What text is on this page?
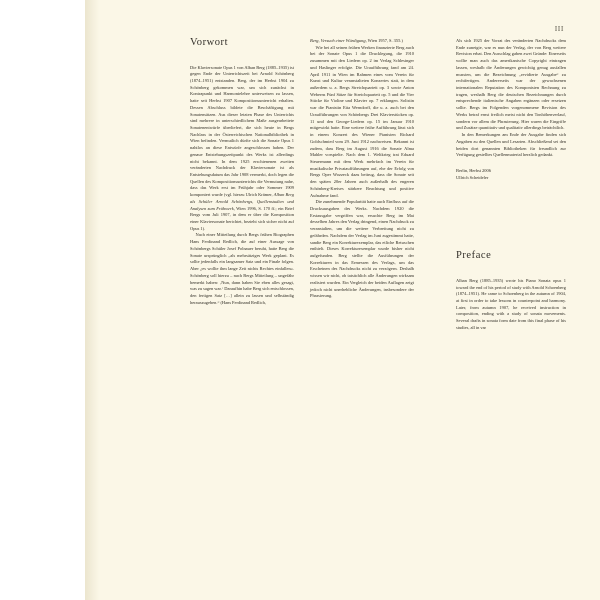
III
Vorwort

Die Klaviersonate Opus 1 von Alban Berg (1885–1935) ist gegen Ende der Unterrichtszeit bei Arnold Schönberg (1874–1951) entstanden. Berg, der im Herbst 1904 zu Schönberg gekommen war, um sich zunächst in Kontrapunkt und Harmonielehre unterweisen zu lassen, hatte seit Herbst 1907 Kompositionsunterricht erhalten. Dessen Abschluss bildete die Beschäftigung mit Sonatensätzen. Aus dieser letzten Phase des Unterrichts sind mehrere in unterschiedlichem Maße ausgearbeitete Sonatenentwürfe überliefert, die sich heute in Bergs Nachlass in der Österreichischen Nationalbibliothek in Wien befinden. Vermutlich dürfte sich die Sonate Opus 1 nahtlos an diese Entwürfe angeschlossen haben. Der genaue Entstehungszeitpunkt des Werks ist allerdings nicht bekannt. In dem 1925 erschienenen zweiten veränderten Nachdruck der Klaviersonate ist als Entstehungsdatum das Jahr 1908 vermerkt, doch legen die Quellen des Kompositionsunterrichts die Vermutung nahe, dass das Werk erst im Frühjahr oder Sommer 1909 komponiert wurde (vgl. hierzu Ulrich Krämer, Alban Berg als Schüler Arnold Schönbergs, Quellenstudien und Analysen zum Frühwerk, Wien 1996, S. 170 ff.; ein Brief Bergs vom Juli 1907, in dem er über die Komposition einer Klaviersonate berichtet, bezieht sich sicher nicht auf Opus 1).

Nach einer Mitteilung durch Bergs frühen Biographen Hans Ferdinand Redlich, die auf einer Aussage von Schönbergs Schüler Josef Polnauer beruht, hatte Berg die Sonate ursprünglich „als mehrsätziges Werk geplant. Es sollte jedenfalls ein langsamer Satz und ein Finale folgen. Aber ¿es wollte ihm lange Zeit nichts Rechtes einfallen«. Schönberg soll hierzu – nach Bergs Mitteilung – ungefähr bemerkt haben: ‚Nun, dann haben Sie eben alles gesagt, was zu sagen war.‘ Daraufhin habe Berg sich entschlossen, den fertigen Satz […] allein zu lassen und selbständig herauszugeben.“ (Hans Ferdinand Redlich,

Berg, Versuch einer Würdigung, Wien 1957, S. 355.)

Wie bei all seinen frühen Werken finanzierte Berg auch bei der Sonate Opus 1 die Drucklegung, die 1910 zusammen mit den Liedern op. 2 im Verlag Schlesinger und Haslinger erfolgte. Die Uraufführung fand am 24. April 1911 in Wien im Rahmen eines vom Verein für Kunst und Kultur veranstalteten Konzertes statt, in dem außerdem u. a. Bergs Streichquartett op. 3 sowie Anton Weberns Fünf Sätze für Streichquartett op. 5 und die Vier Stücke für Violine und Klavier op. 7 erklangen. Solistin war die Pianistin Etta Werndorff, die u. a. auch bei den Uraufführungen von Schönbergs Drei Klavierstücken op. 11 und den George-Liedern op. 15 im Januar 1910 mitgewirkt hatte. Eine weitere frühe Aufführung lässt sich in einem Konzert des Wiener Pianisten Richard Goldschmied vom 29. Juni 1912 nachweisen. Bekannt ist zudem, dass Berg im August 1916 die Sonate Alma Mahler vorspielte. Nach dem 1. Weltkrieg trat Eduard Steuermann mit dem Werk mehrfach im Verein für musikalische Privataufführungen auf, ehe der Erfolg von Bergs Oper Wozzeck dazu beitrug, dass die Sonate seit den späten 20er Jahren auch außerhalb des engeren Schönberg-Kreises stärkere Beachtung und positive Aufnahme fand.

Die zunehmende Popularität hatte auch Einfluss auf die Drucksausgaben des Werks. Nachdem 1920 die Erstausgabe vergriffen war, ersuchte Berg im Mai desselben Jahres den Verlag dringend, einen Nachdruck zu veranstalten, um die weitere Verbreitung nicht zu gefährden. Nachdem der Verlag im Juni zugestimmt hatte, sandte Berg ein Korrekturexemplar, das etliche Retuschen enthielt. Dieses Korrekturexemplar wurde bisher nicht aufgefunden. Berg stellte die Ausführungen der Korrekturen in das Ermessen des Verlags, um das Erscheinen des Nachdrucks nicht zu verzögern. Deshalb wissen wir nicht, ob tatsächlich alle Änderungen wirksam realisiert wurden. Ein Vergleich der beiden Auflagen zeigt jedoch nicht unerhebliche Änderungen, insbesondere der Phrasierung.

Als sich 1925 der Vorrat des veränderten Nachdrucks dem Ende zuneigte, war es nun der Verlag, der von Berg weitere Revision erbat. Den Ausschlag gaben zwei Gründe: Einerseits wollte man auch das amerikanische Copyright eintragen lassen, weshalb die Änderungen gewichtig genug ausfallen mussten, um die Bezeichnung „revidierte Ausgabe“ zu rechtfertigen. Andererseits war der gewachsenen internationalen Reputation des Komponisten Rechnung zu tragen, weshalb Berg die deutschen Bezeichnungen durch entsprechende italienische Angaben ergänzen oder ersetzen sollte. Bergs im Folgenden vorgenommene Revision des Werks betraf ernst freilich meist nicht den Tonhöhenverlauf, sondern vor allem die Phrasierung. Hier waren die Eingriffe und Zusätze quantitativ und qualitativ allerdings beträchtlich.

In den Bemerkungen am Ende der Ausgabe finden sich Angaben zu den Quellen und Lesarten. Abschließend sei den beiden dort genannten Bibliotheken für freundlich zur Verfügung gestelltes Quellenmaterial herzlich gedankt.

Berlin, Herbst 2006

Ullrich Scheideler

Preface

Alban Berg (1885–1935) wrote his Piano Sonata opus 1 toward the end of his period of study with Arnold Schoenberg (1874–1951). He came to Schoenberg in the autumn of 1904, at first in order to take lessons in counterpoint and harmony. Later, from autumn 1907, he received instruction in composition, ending with a study of sonata movements. Several drafts in sonata form date from this final phase of his studies, all in var
